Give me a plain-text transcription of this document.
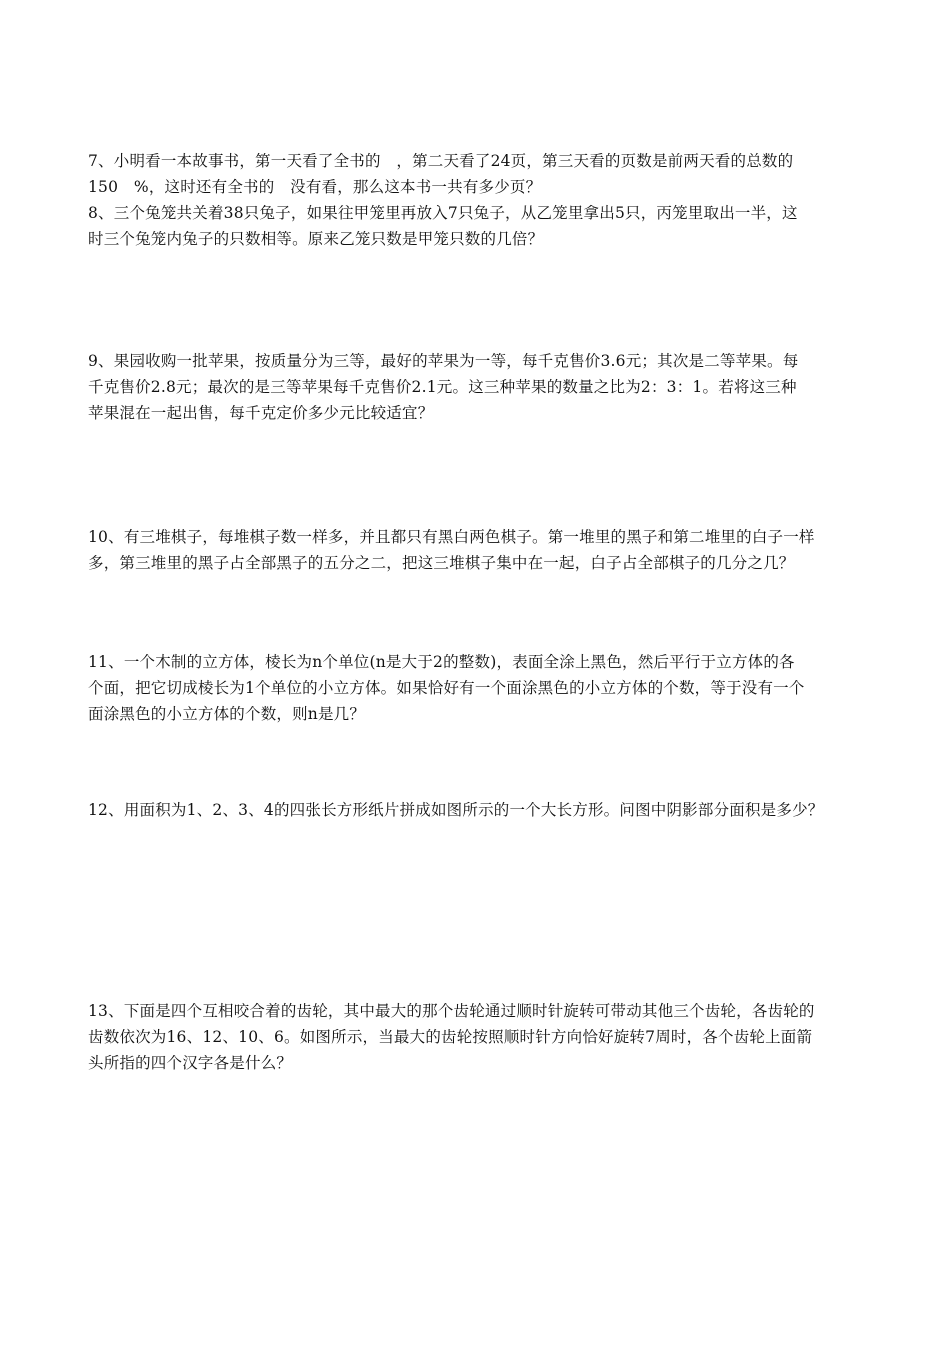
7、小明看一本故事书，第一天看了全书的　，第二天看了24页，第三天看的页数是前两天看的总数的
150　%，这时还有全书的　没有看，那么这本书一共有多少页？
8、三个兔笼共关着38只兔子，如果往甲笼里再放入7只兔子，从乙笼里拿出5只，丙笼里取出一半，这
时三个兔笼内兔子的只数相等。原来乙笼只数是甲笼只数的几倍？
9、果园收购一批苹果，按质量分为三等，最好的苹果为一等，每千克售价3.6元；其次是二等苹果。每
千克售价2.8元；最次的是三等苹果每千克售价2.1元。这三种苹果的数量之比为2：3：1。若将这三种
苹果混在一起出售，每千克定价多少元比较适宜？
10、有三堆棋子，每堆棋子数一样多，并且都只有黑白两色棋子。第一堆里的黑子和第二堆里的白子一样
多，第三堆里的黑子占全部黑子的五分之二，把这三堆棋子集中在一起，白子占全部棋子的几分之几？
11、一个木制的立方体，棱长为n个单位(n是大于2的整数)，表面全涂上黑色，然后平行于立方体的各
个面，把它切成棱长为1个单位的小立方体。如果恰好有一个面涂黑色的小立方体的个数，等于没有一个
面涂黑色的小立方体的个数，则n是几？
12、用面积为1、2、3、4的四张长方形纸片拼成如图所示的一个大长方形。问图中阴影部分面积是多少？
13、下面是四个互相咬合着的齿轮，其中最大的那个齿轮通过顺时针旋转可带动其他三个齿轮，各齿轮的
齿数依次为16、12、10、6。如图所示，当最大的齿轮按照顺时针方向恰好旋转7周时，各个齿轮上面箭
头所指的四个汉字各是什么？
